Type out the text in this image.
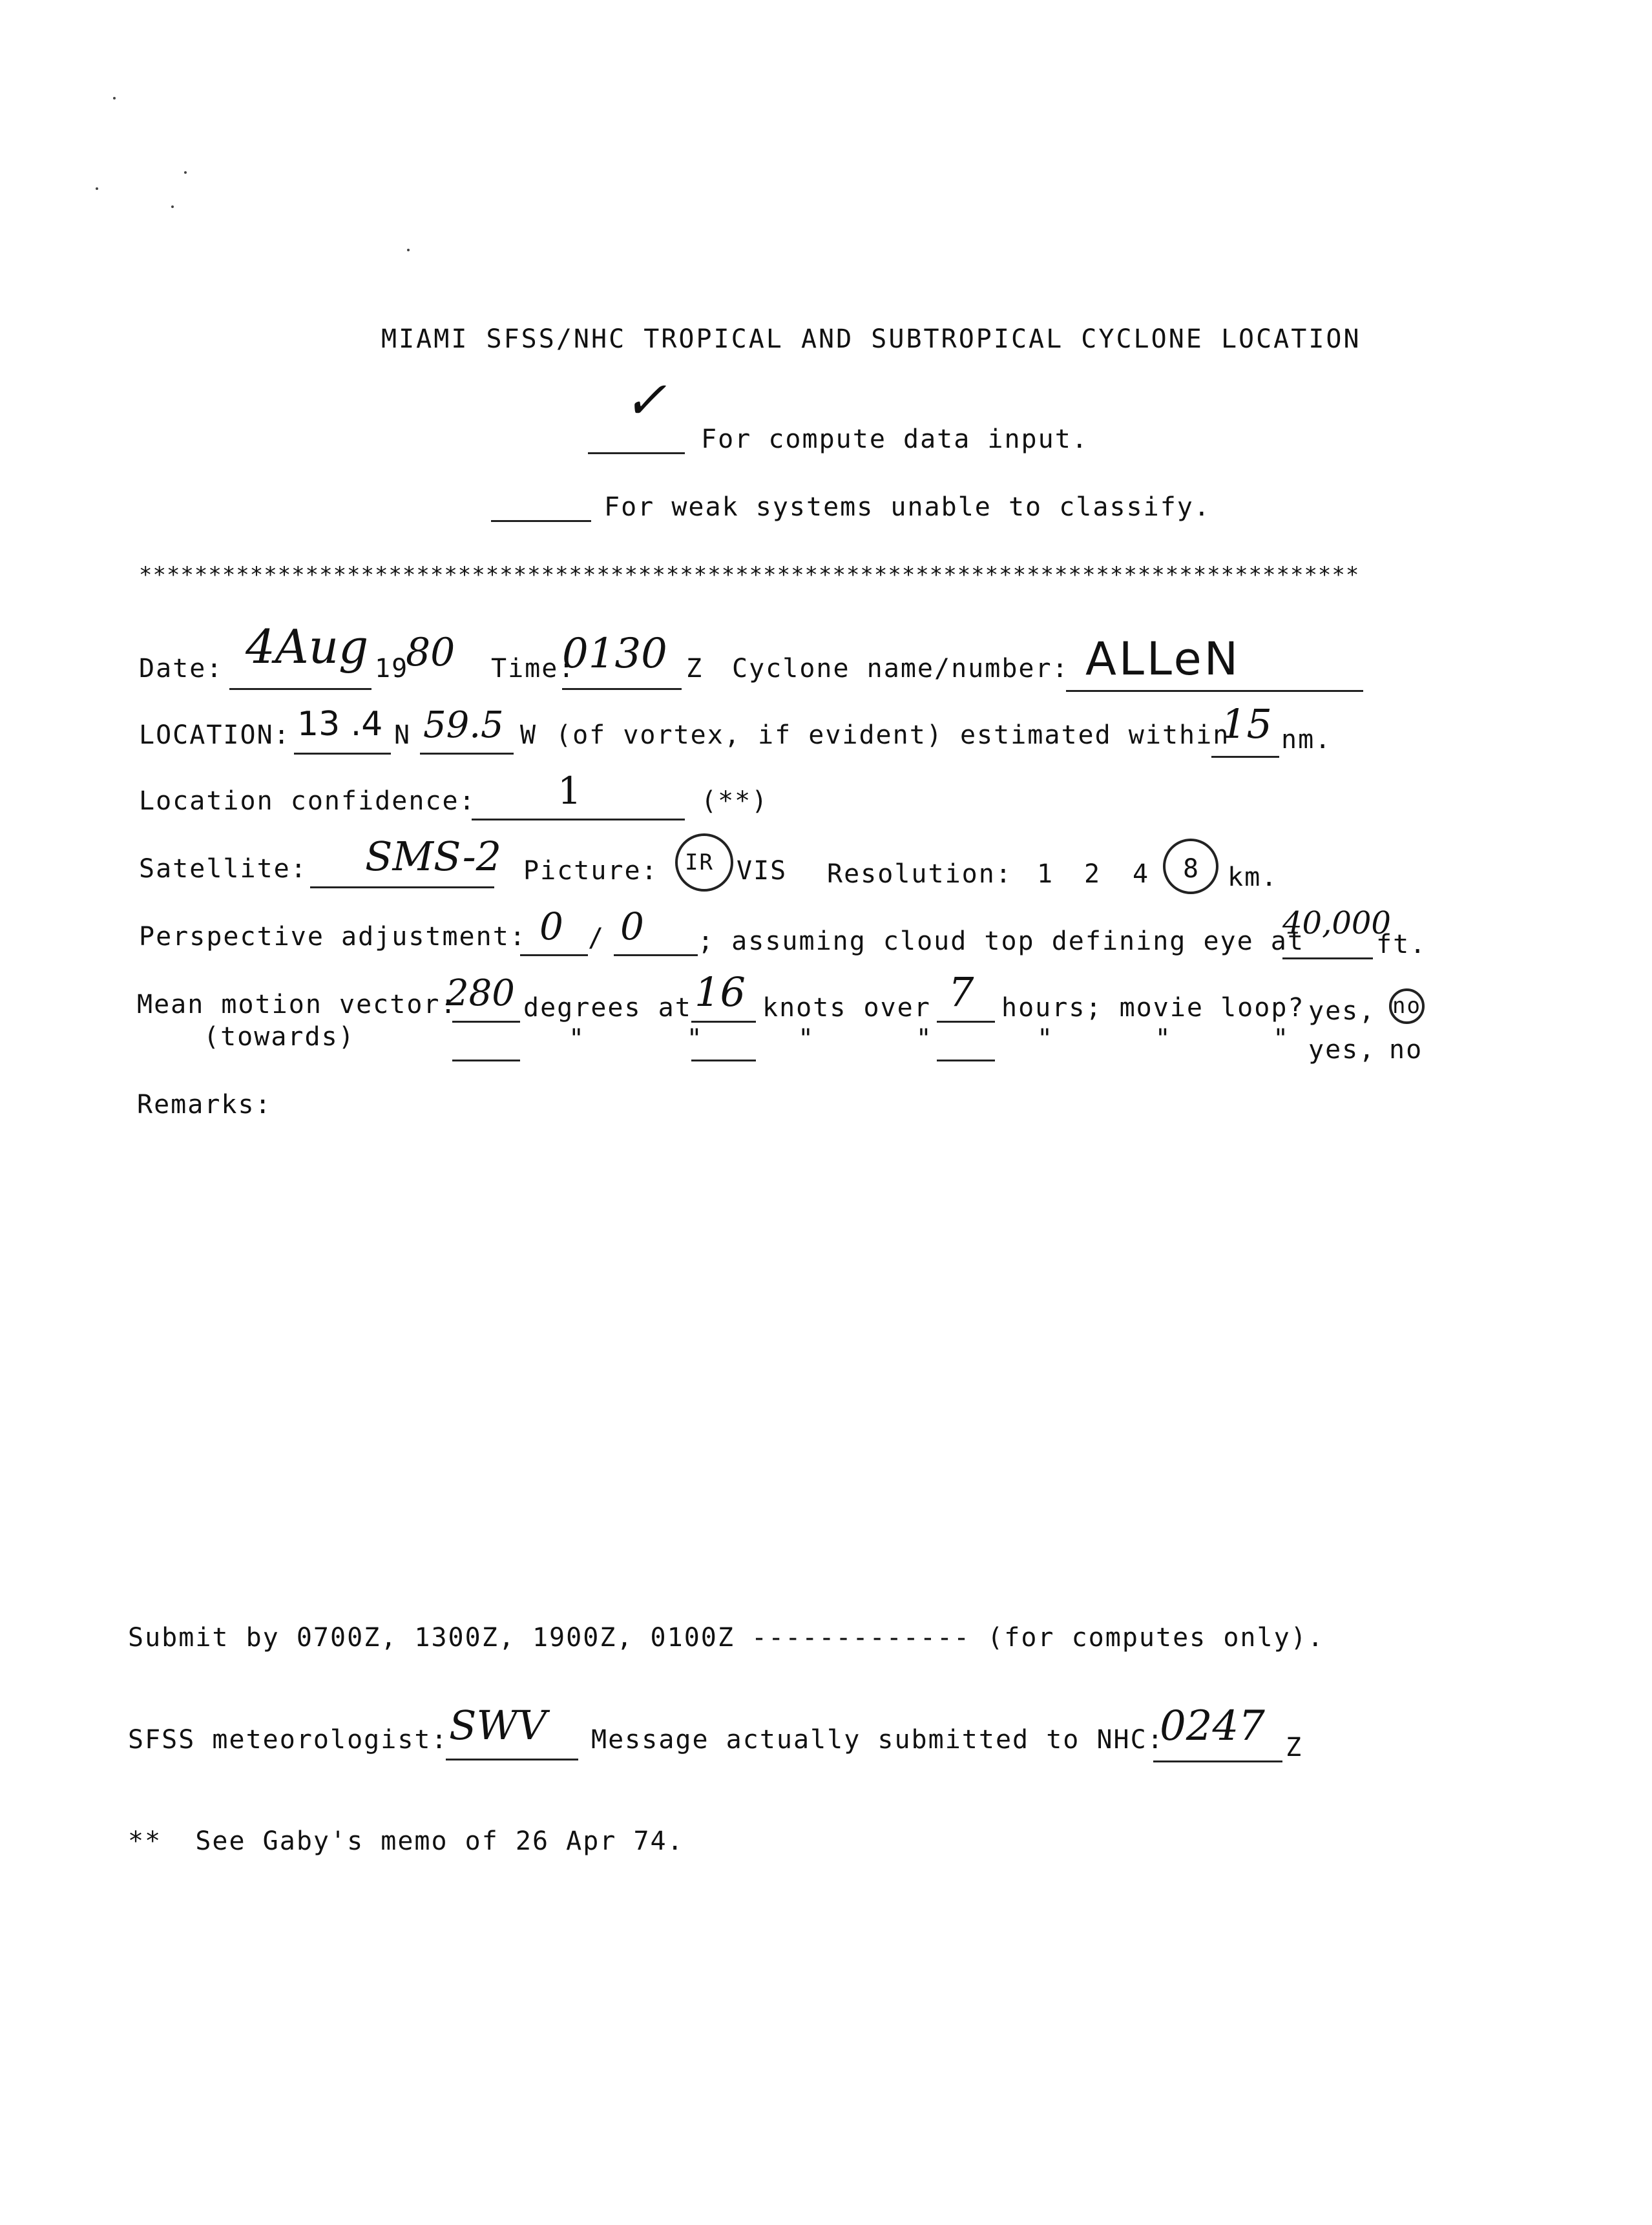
MIAMI SFSS/NHC TROPICAL AND SUBTROPICAL CYCLONE LOCATION
✓
For compute data input.
For weak systems unable to classify.
****************************************************************************************
Date: 4Aug 19
80 Time:
0130 Z Cyclone name/number: ALLeN
LOCATION: 13 .4 N 59.5 W (of vortex, if evident) estimated within
15 nm.
Location confidence: 1	(**)
Satellite: SMS-2 Picture: IR VIS Resolution: 1 2 4 8 km.
Perspective adjustment: 0 / 0 ; assuming cloud top defining eye at
40,000
ft.
Mean motion vector:
280 degrees at 16 knots over 7 hours; movie loop? yes, no
(towards)	"      "	"      "	"      "      " yes, no
Remarks:
Submit by 0700Z, 1300Z, 1900Z, 0100Z ------------- (for computes only).
SFSS meteorologist: SWV Message actually submitted to NHC:
0247 Z
**  See Gaby's memo of 26 Apr 74.
